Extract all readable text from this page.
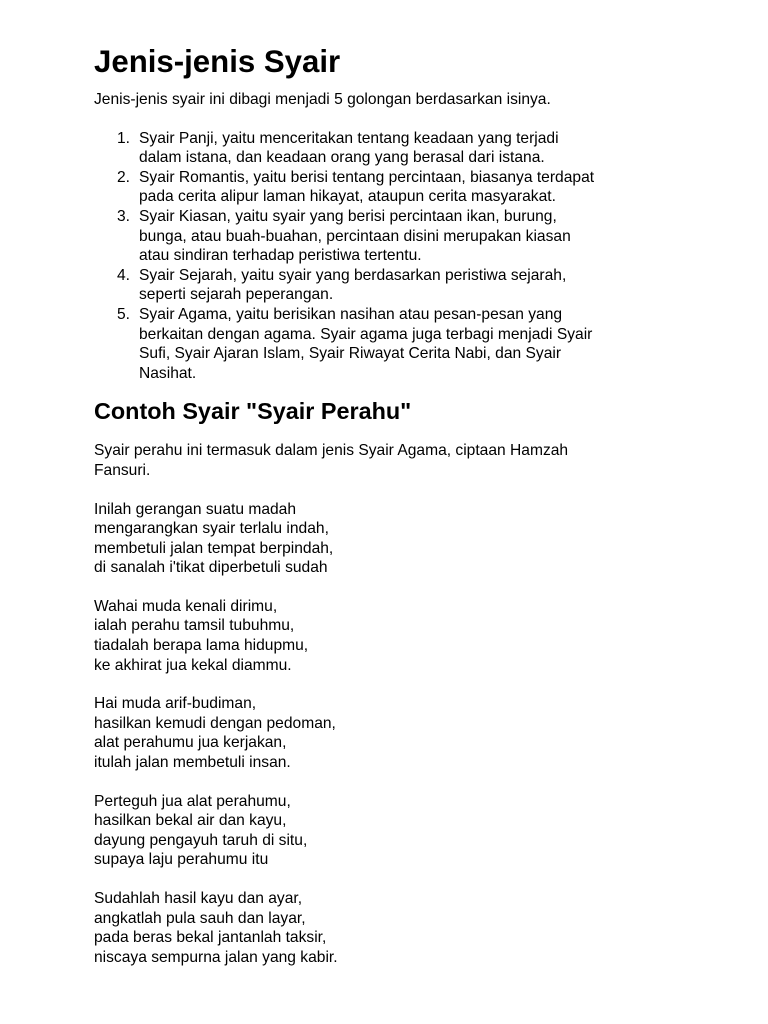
Jenis-jenis Syair

Jenis-jenis syair ini dibagi menjadi 5 golongan berdasarkan isinya.

1. Syair Panji, yaitu menceritakan tentang keadaan yang terjadi
dalam istana, dan keadaan orang yang berasal dari istana.
2. Syair Romantis, yaitu berisi tentang percintaan, biasanya terdapat
pada cerita alipur laman hikayat, ataupun cerita masyarakat.
3. Syair Kiasan, yaitu syair yang berisi percintaan ikan, burung,
bunga, atau buah-buahan, percintaan disini merupakan kiasan
atau sindiran terhadap peristiwa tertentu.
4. Syair Sejarah, yaitu syair yang berdasarkan peristiwa sejarah,
seperti sejarah peperangan.
5. Syair Agama, yaitu berisikan nasihan atau pesan-pesan yang
berkaitan dengan agama. Syair agama juga terbagi menjadi Syair
Sufi, Syair Ajaran Islam, Syair Riwayat Cerita Nabi, dan Syair
Nasihat.
Contoh Syair "Syair Perahu"

Syair perahu ini termasuk dalam jenis Syair Agama, ciptaan Hamzah
Fansuri.

Inilah gerangan suatu madah
mengarangkan syair terlalu indah,
membetuli jalan tempat berpindah,
di sanalah i'tikat diperbetuli sudah
Wahai muda kenali dirimu,
ialah perahu tamsil tubuhmu,
tiadalah berapa lama hidupmu,
ke akhirat jua kekal diammu.
Hai muda arif-budiman,
hasilkan kemudi dengan pedoman,
alat perahumu jua kerjakan,
itulah jalan membetuli insan.
Perteguh jua alat perahumu,
hasilkan bekal air dan kayu,
dayung pengayuh taruh di situ,
supaya laju perahumu itu
Sudahlah hasil kayu dan ayar,
angkatlah pula sauh dan layar,
pada beras bekal jantanlah taksir,
niscaya sempurna jalan yang kabir.
